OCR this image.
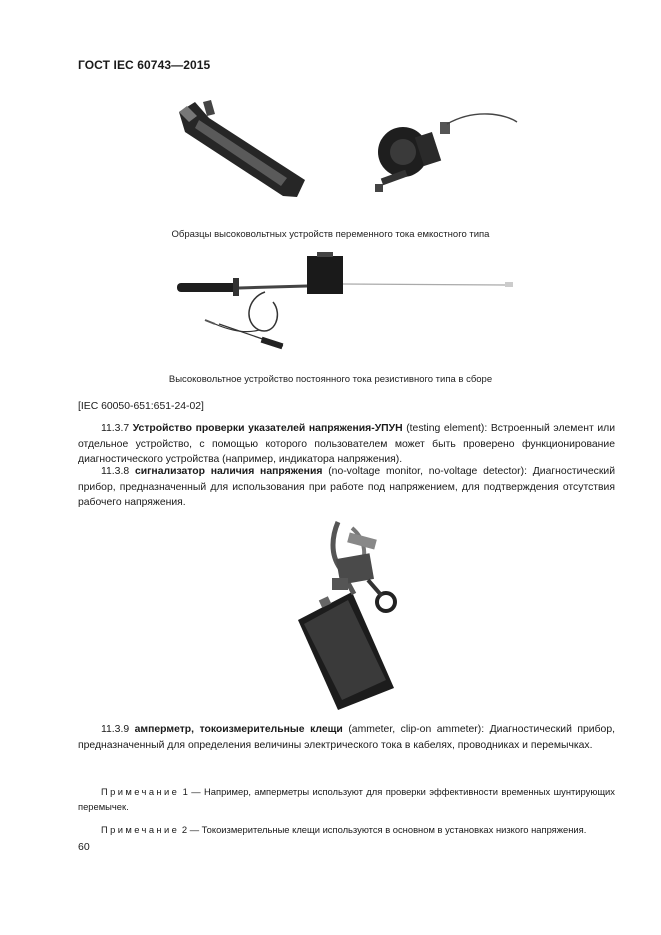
ГОСТ IEC 60743—2015
Образцы высоковольтных устройств переменного тока емкостного типа
Высоковольтное устройство постоянного тока резистивного типа в сборе
[IEC 60050-651:651-24-02]
11.3.7 Устройство проверки указателей напряжения-УПУН (testing element): Встроенный элемент или отдельное устройство, с помощью которого пользователем может быть проверено функционирование диагностического устройства (например, индикатора напряжения).
11.3.8 сигнализатор наличия напряжения (no-voltage monitor, no-voltage detector): Диагностический прибор, предназначенный для использования при работе под напряжением, для подтверждения отсутствия рабочего напряжения.
11.3.9 амперметр, токоизмерительные клещи (ammeter, clip-on ammeter): Диагностический прибор, предназначенный для определения величины электрического тока в кабелях, проводниках и перемычках.
Примечание 1 — Например, амперметры используют для проверки эффективности временных шунтирующих перемычек.
Примечание 2 — Токоизмерительные клещи используются в основном в установках низкого напряжения.
60
